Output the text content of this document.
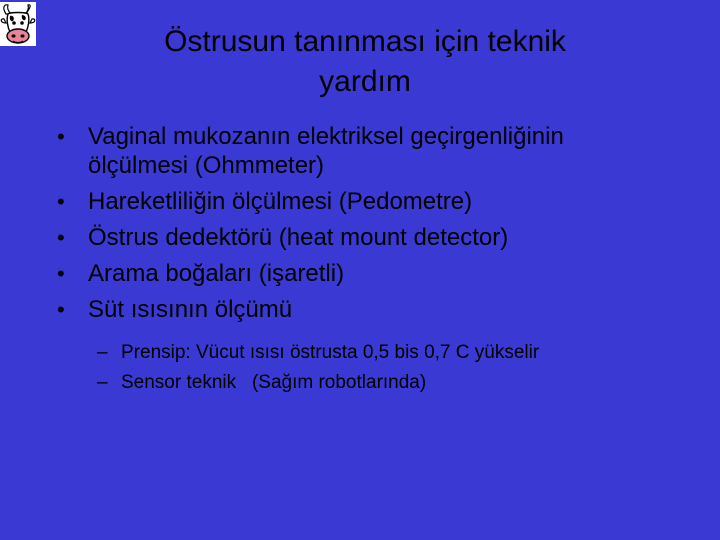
Östrusun tanınması için teknik
yardım
• Vaginal mukozanın elektriksel geçirgenliğinin
ölçülmesi (Ohmmeter)
• Hareketliliğin ölçülmesi (Pedometre)
• Östrus dedektörü (heat mount detector)
• Arama boğaları (işaretli)
• Süt ısısının ölçümü
– Prensip: Vücut ısısı östrusta 0,5 bis 0,7 C yükselir
– Sensor teknik   (Sağım robotlarında)
